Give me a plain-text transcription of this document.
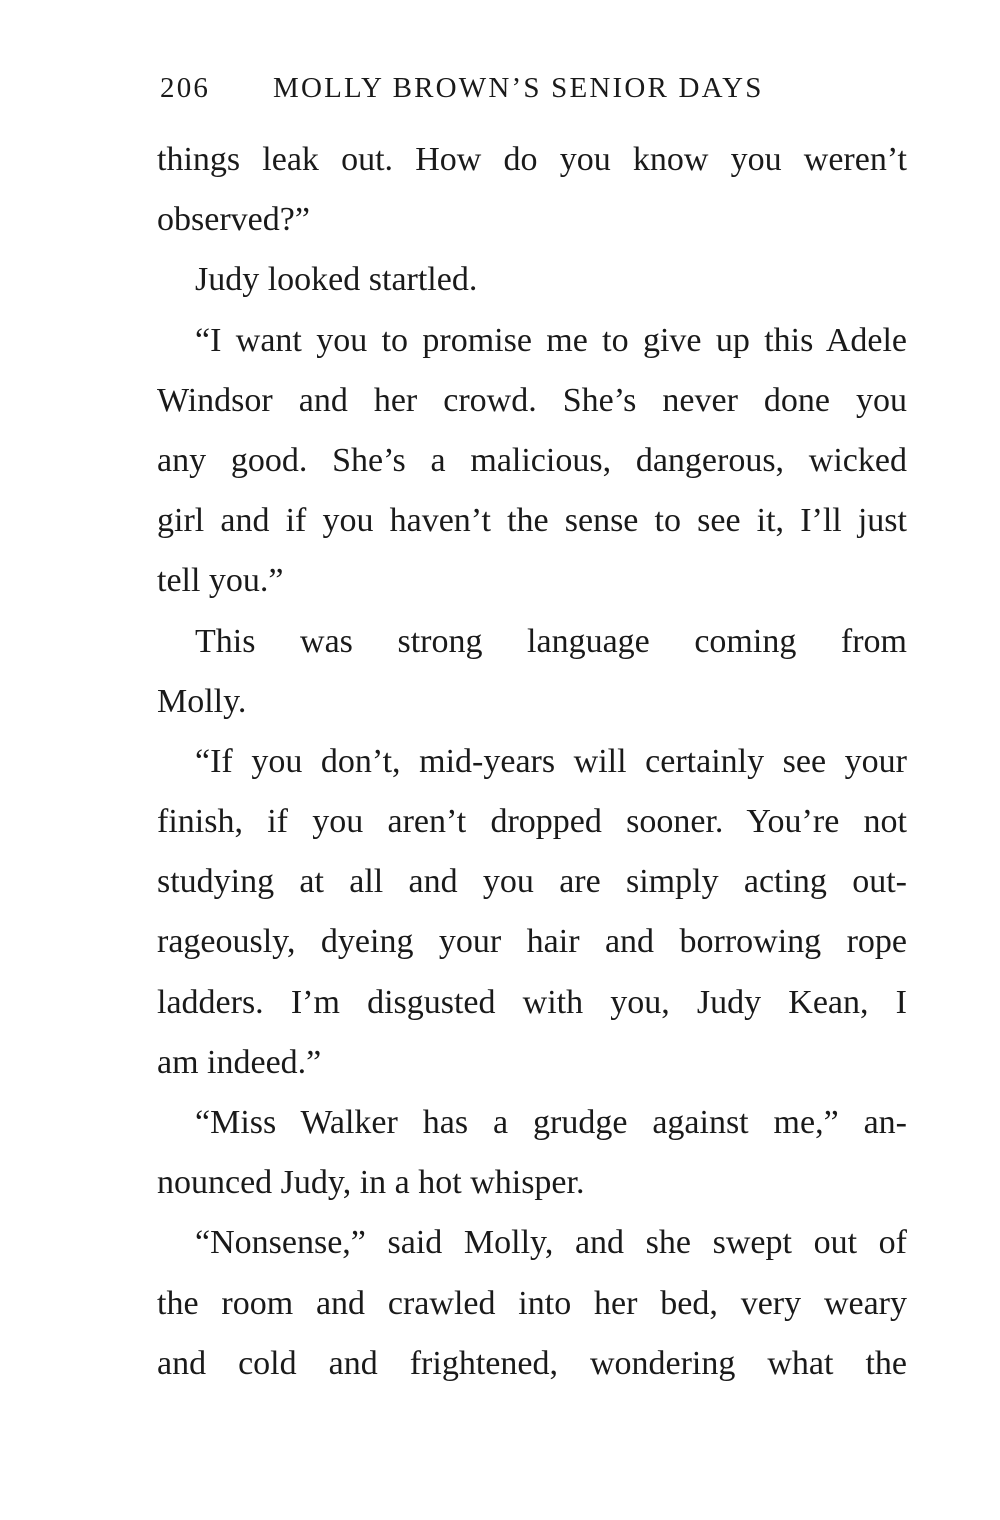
206 MOLLY BROWN’S SENIOR DAYS
things leak out. How do you know you weren’t
observed?”
Judy looked startled.
“I want you to promise me to give up this Adele
Windsor and her crowd. She’s never done you
any good. She’s a malicious, dangerous, wicked
girl and if you haven’t the sense to see it, I’ll just
tell you.”
This was strong language coming from
Molly.
“If you don’t, mid-years will certainly see your
finish, if you aren’t dropped sooner. You’re not
studying at all and you are simply acting out-
rageously, dyeing your hair and borrowing rope
ladders. I’m disgusted with you, Judy Kean, I
am indeed.”
“Miss Walker has a grudge against me,” an-
nounced Judy, in a hot whisper.
“Nonsense,” said Molly, and she swept out of
the room and crawled into her bed, very weary
and cold and frightened, wondering what the
